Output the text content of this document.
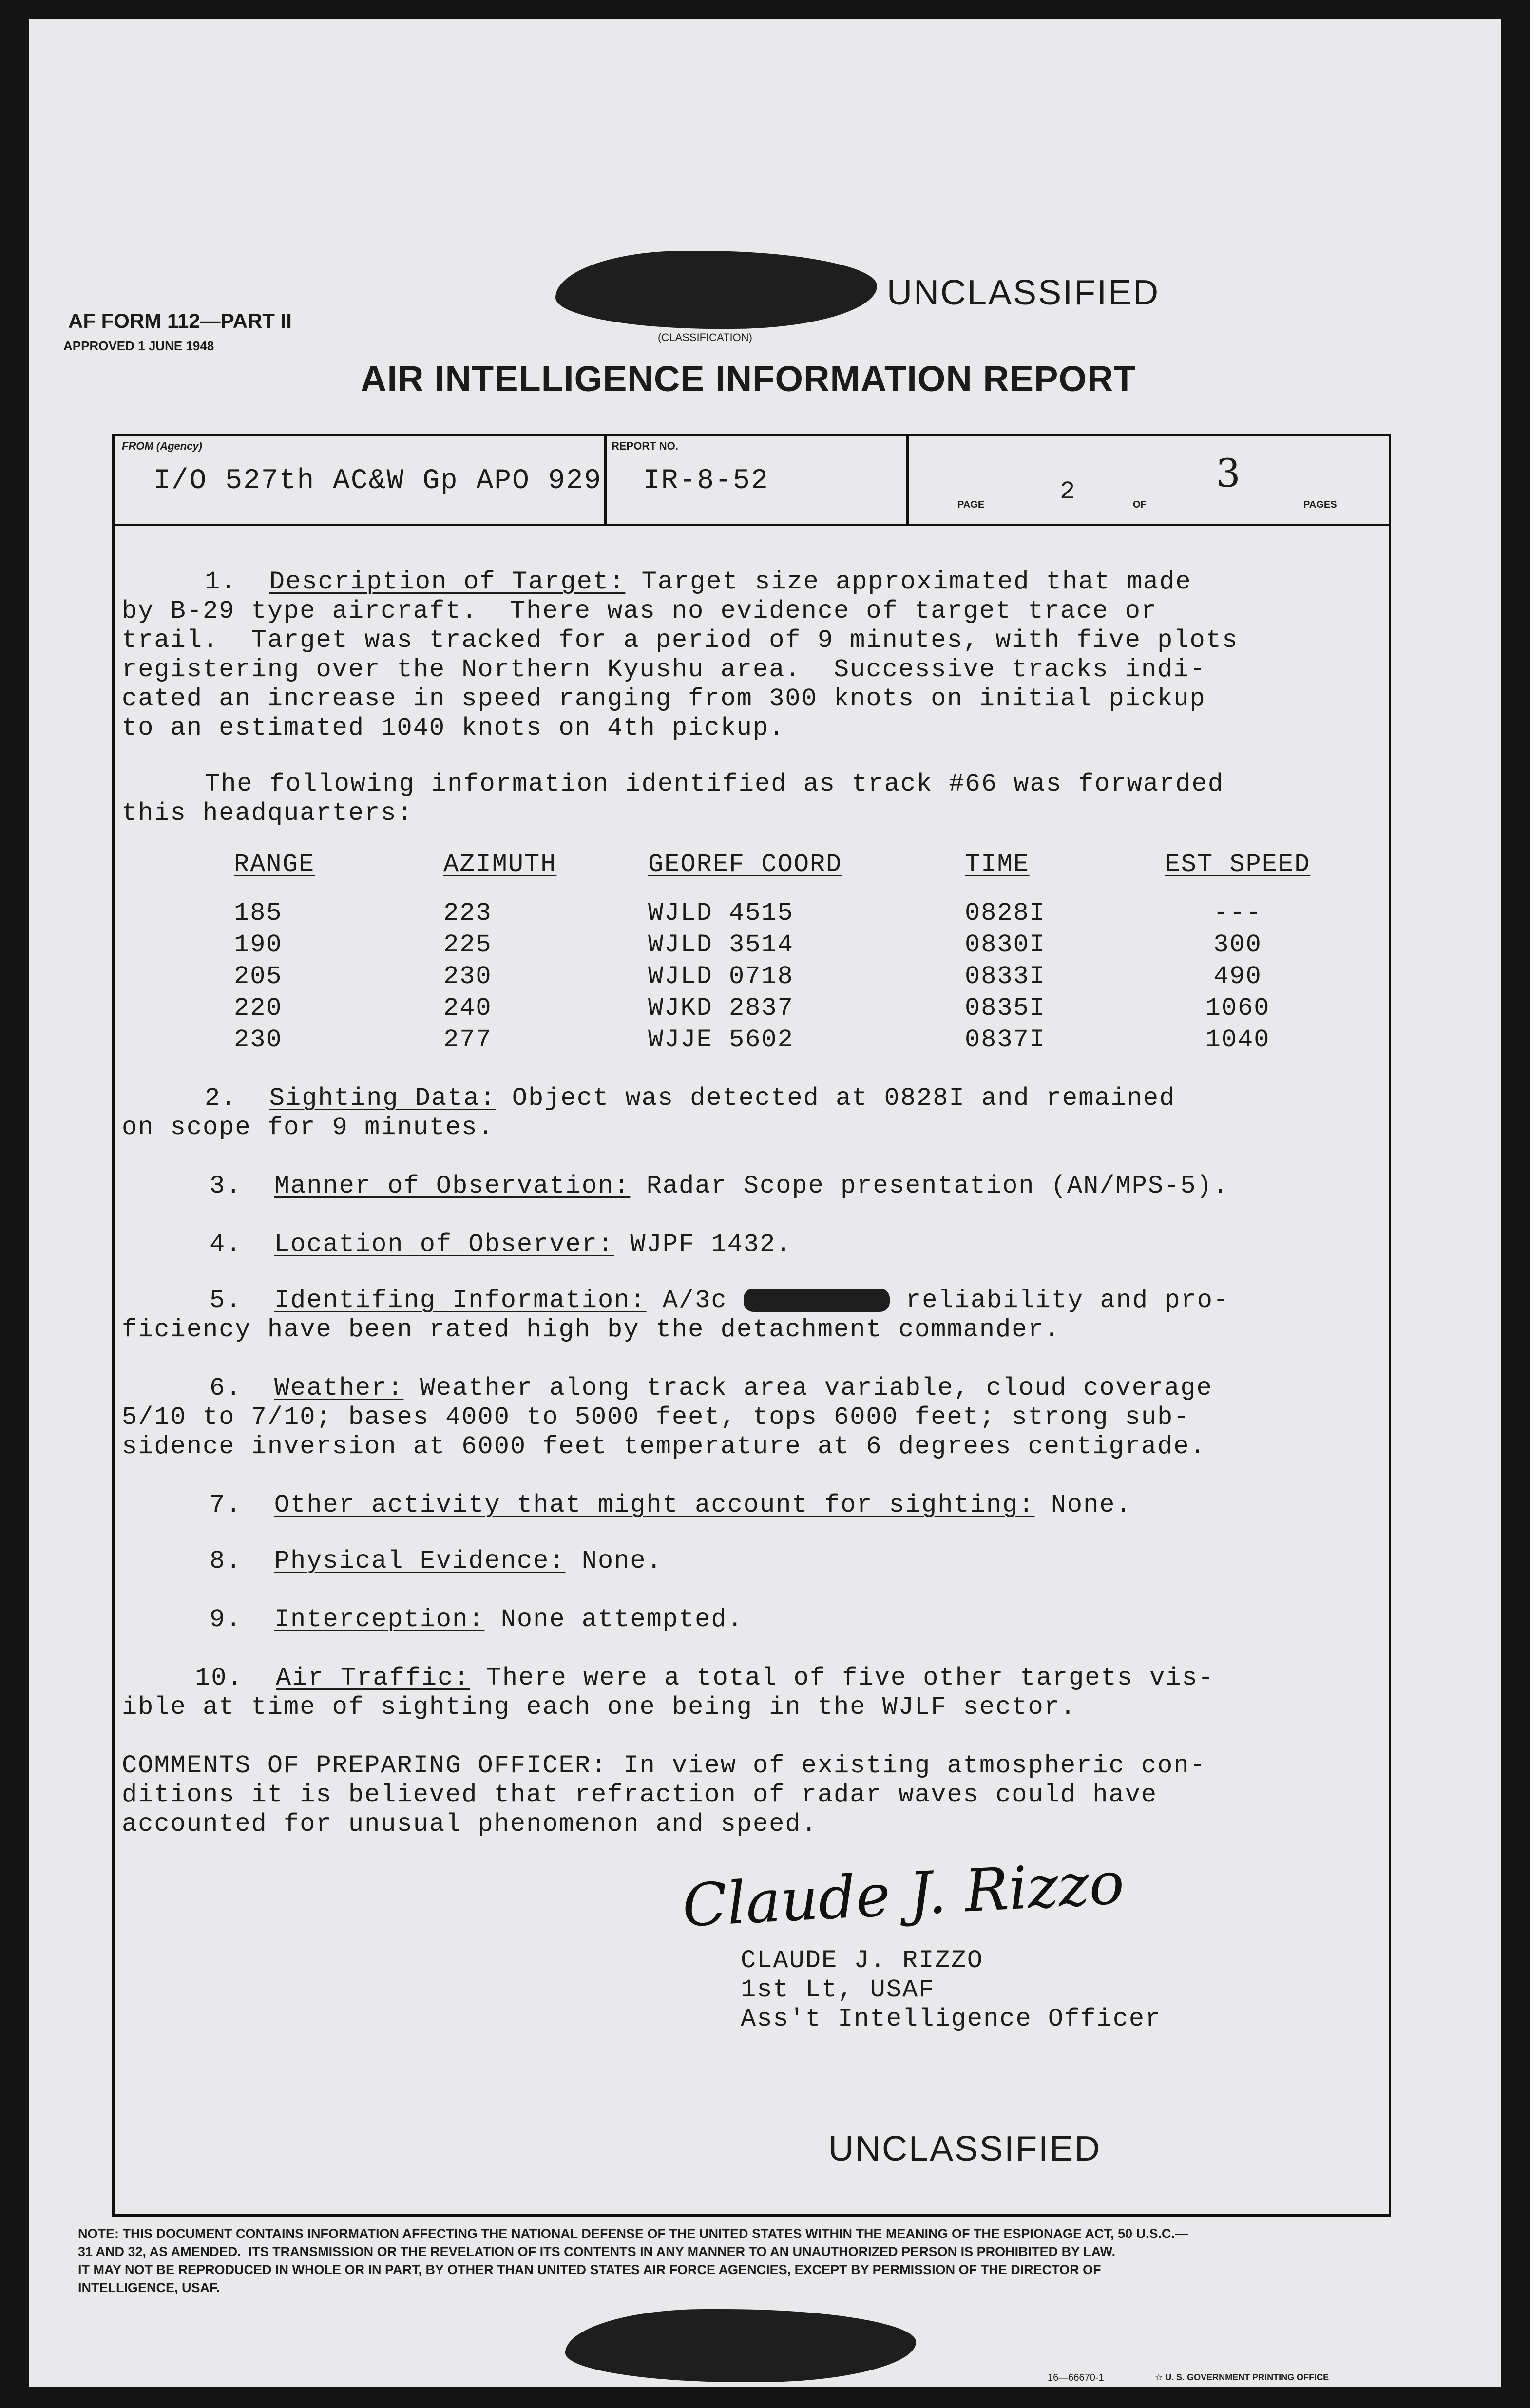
AF FORM 112—PART II
APPROVED 1 JUNE 1948
UNCLASSIFIED
(CLASSIFICATION)
AIR INTELLIGENCE INFORMATION REPORT
FROM (Agency)
I/O 527th AC&W Gp APO 929
REPORT NO.
IR-8-52
PAGE	2	OF
3
PAGES
1. Description of Target: Target size approximated that made
by B-29 type aircraft.  There was no evidence of target trace or
trail.  Target was tracked for a period of 9 minutes, with five plots
registering over the Northern Kyushu area.  Successive tracks indi-
cated an increase in speed ranging from 300 knots on initial pickup
to an estimated 1040 knots on 4th pickup.
The following information identified as track #66 was forwarded
this headquarters:
RANGE	AZIMUTH	GEOREF COORD	TIME	EST SPEED
185	223	WJLD 4515	0828I	---
190	225	WJLD 3514	0830I	300
205	230	WJLD 0718	0833I	490
220	240	WJKD 2837	0835I	1060
230	277	WJJE 5602	0837I	1040
2. Sighting Data: Object was detected at 0828I and remained
on scope for 9 minutes.
3. Manner of Observation: Radar Scope presentation (AN/MPS-5).
4. Location of Observer: WJPF 1432.
5. Identifing Information: A/3c	reliability and pro-
ficiency have been rated high by the detachment commander.
6. Weather: Weather along track area variable, cloud coverage
5/10 to 7/10; bases 4000 to 5000 feet, tops 6000 feet; strong sub-
sidence inversion at 6000 feet temperature at 6 degrees centigrade.
7. Other activity that might account for sighting: None.
8. Physical Evidence: None.
9. Interception: None attempted.
10. Air Traffic: There were a total of five other targets vis-
ible at time of sighting each one being in the WJLF sector.
COMMENTS OF PREPARING OFFICER: In view of existing atmospheric con-
ditions it is believed that refraction of radar waves could have
accounted for unusual phenomenon and speed.
Claude J. Rizzo
CLAUDE J. RIZZO
1st Lt, USAF
Ass't Intelligence Officer
UNCLASSIFIED
NOTE: THIS DOCUMENT CONTAINS INFORMATION AFFECTING THE NATIONAL DEFENSE OF THE UNITED STATES WITHIN THE MEANING OF THE ESPIONAGE ACT, 50 U.S.C.—
31 AND 32, AS AMENDED.  ITS TRANSMISSION OR THE REVELATION OF ITS CONTENTS IN ANY MANNER TO AN UNAUTHORIZED PERSON IS PROHIBITED BY LAW.
IT MAY NOT BE REPRODUCED IN WHOLE OR IN PART, BY OTHER THAN UNITED STATES AIR FORCE AGENCIES, EXCEPT BY PERMISSION OF THE DIRECTOR OF
INTELLIGENCE, USAF.
16—66670-1	☆ U. S. GOVERNMENT PRINTING OFFICE
